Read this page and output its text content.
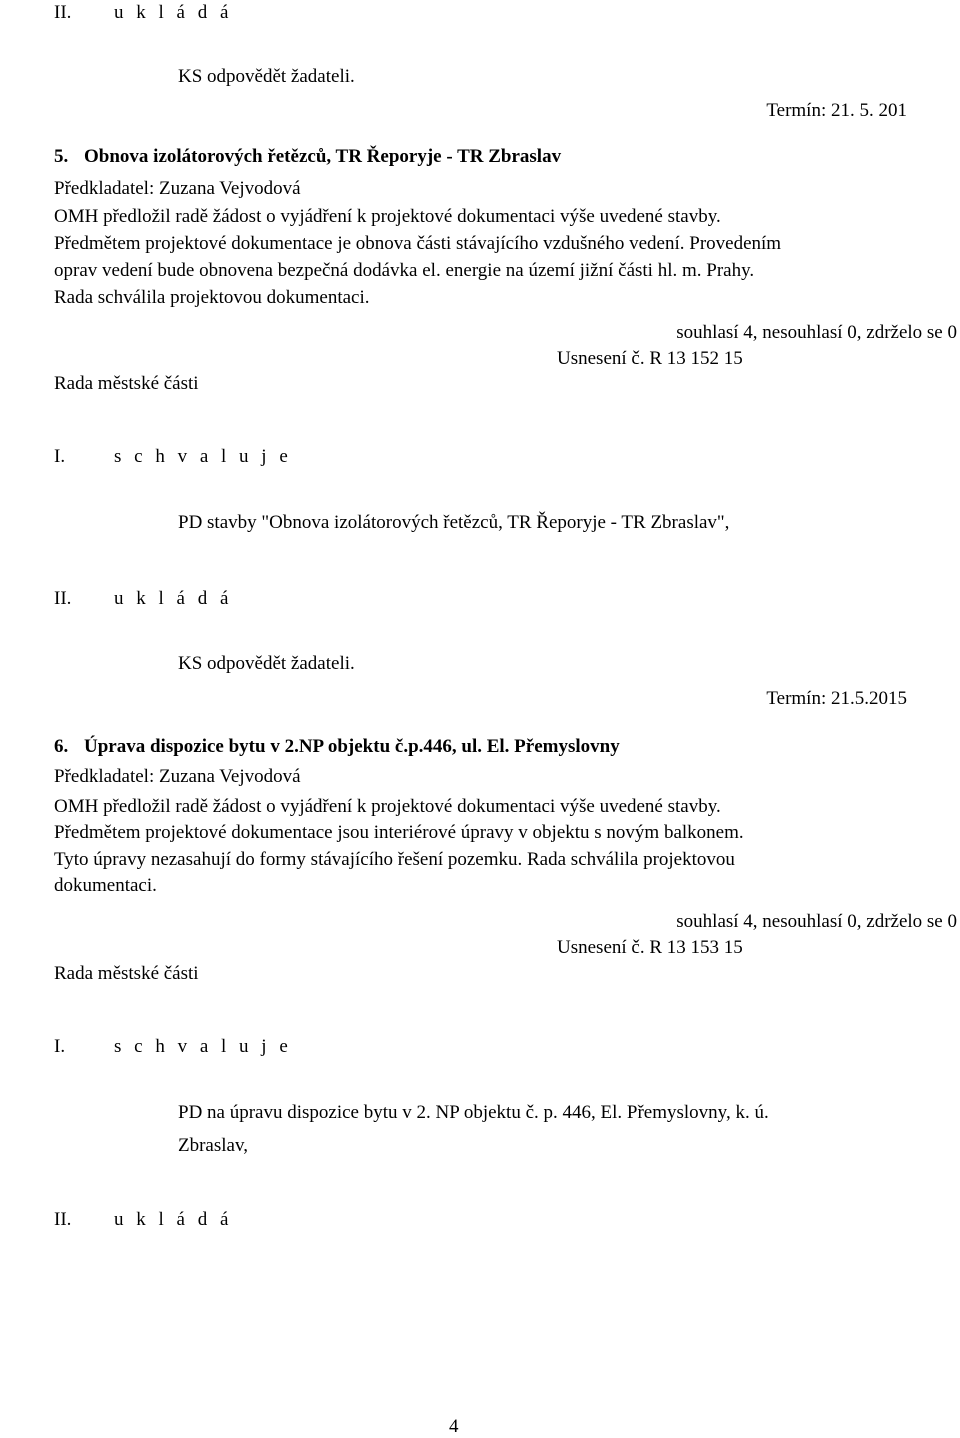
II. u k l á d á
KS odpovědět žadateli.
Termín: 21. 5. 201
5. Obnova izolátorových řetězců, TR Řeporyje - TR Zbraslav
Předkladatel: Zuzana Vejvodová
OMH předložil radě žádost o vyjádření k projektové dokumentaci výše uvedené stavby.
Předmětem projektové dokumentace je obnova části stávajícího vzdušného vedení. Provedením
oprav vedení bude obnovena bezpečná dodávka el. energie na území jižní části hl. m. Prahy.
Rada schválila projektovou dokumentaci.
souhlasí 4, nesouhlasí 0, zdrželo se 0
Usnesení č. R 13 152 15
Rada městské části
I.	s c h v a l u j e
PD stavby "Obnova izolátorových řetězců, TR Řeporyje - TR Zbraslav",
II. u k l á d á
KS odpovědět žadateli.
Termín: 21.5.2015
6. Úprava dispozice bytu v 2.NP objektu č.p.446, ul. El. Přemyslovny
Předkladatel: Zuzana Vejvodová
OMH předložil radě žádost o vyjádření k projektové dokumentaci výše uvedené stavby.
Předmětem projektové dokumentace jsou interiérové úpravy v objektu s novým balkonem.
Tyto úpravy nezasahují do formy stávajícího řešení pozemku. Rada schválila projektovou
dokumentaci.
souhlasí 4, nesouhlasí 0, zdrželo se 0
Usnesení č. R 13 153 15
Rada městské části
I.	s c h v a l u j e
PD na úpravu dispozice bytu v 2. NP objektu č. p. 446, El. Přemyslovny, k. ú.
Zbraslav,
II. u k l á d á
4
